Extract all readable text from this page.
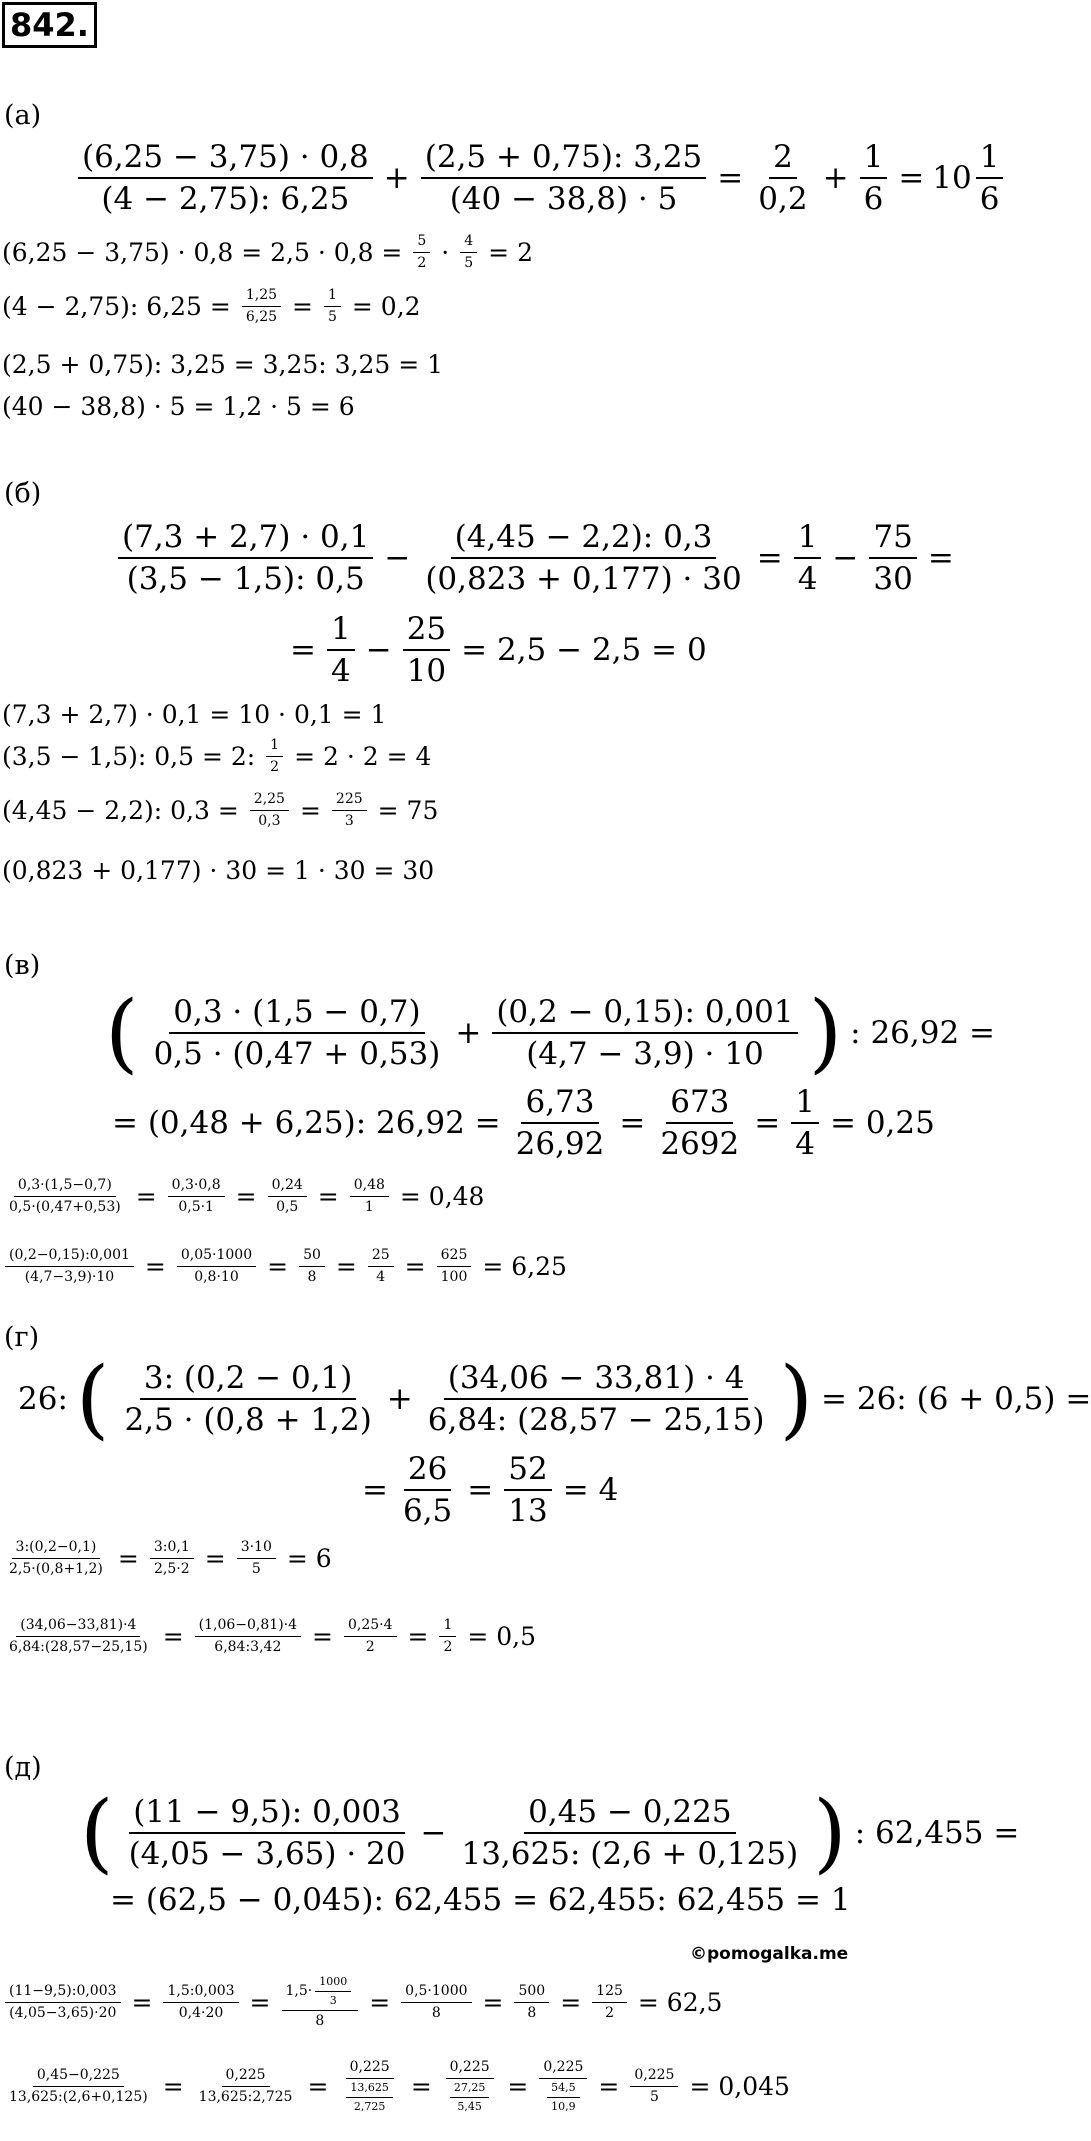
842.
(а)
$\frac{(6,25 - 3,75) \cdot 0,8}{(4 - 2,75): 6,25} + \frac{(2,5 + 0,75): 3,25}{(40 - 38,8) \cdot 5} = \frac{2}{0,2} + \frac{1}{6} = 10 \frac{1}{6}$
$(6,25 - 3,75) \cdot 0,8 = 2,5 \cdot 0,8 = \frac{5}{2} \cdot \frac{4}{5} = 2$
(4 − 2,75): $6,25 = \frac{1,25}{6,25} = \frac{1}{5} = 0,2$
(2,5 + 0,75): 3,25 = 3,25: 3,25 = 1
(40 − 38,8) · 5 = 1,2 · 5 = 6
(б)
$\frac{(7,3 + 2,7) \cdot 0,1}{(3,5 - 1,5): 0,5} - \frac{(4,45 - 2,2): 0,3}{(0,823 + 0,177) \cdot 30} = \frac{1}{4} - \frac{75}{30}$ =
= $\frac{1}{4} - \frac{25}{10} = 2,5 - 2,5 = 0$
(7,3 + 2,7) · 0,1 = 10 · 0,1 = 1
(3,5 − 1,5): 0,5 = 2: $\frac{1}{2} = 2 \cdot 2 = 4$
(4,45 − 2,2): $0,3 = \frac{2,25}{0,3} = \frac{225}{3} = 75$
(0,823 + 0,177) · 30 = 1 · 30 = 30
(в)
( $\frac{0,3 \cdot (1,5 - 0,7)}{0,5 \cdot (0,47 + 0,53)} + \frac{(0,2 - 0,15): 0,001}{(4,7 - 3,9) \cdot 10}$ ) : 26,92 =
= (0,48 + 6,25): $26,92 = \frac{6,73}{26,92} = \frac{673}{2692} = \frac{1}{4} = 0,25$
$\frac{0,3\cdot(1,5-0,7)}{0,5\cdot(0,47+0,53)} = \frac{0,3\cdot 0,8}{0,5\cdot 1} = \frac{0,24}{0,5} = \frac{0,48}{1} = 0,48$
$\frac{(0,2-0,15):0,001}{(4,7-3,9)\cdot 10} = \frac{0,05\cdot 1000}{0,8\cdot 10} = \frac{50}{8} = \frac{25}{4} = \frac{625}{100} = 6,25$
(г)
26: ( $\frac{3: (0,2 - 0,1)}{2,5 \cdot (0,8 + 1,2)} + \frac{(34,06 - 33,81) \cdot 4}{6,84: (28,57 - 25,15)}$ ) = 26: (6 + 0,5) =
= $\frac{26}{6,5} = \frac{52}{13} = 4$
$\frac{3:(0,2-0,1)}{2,5\cdot(0,8+1,2)} = \frac{3:0,1}{2,5\cdot 2} = \frac{3\cdot 10}{5} = 6$
$\frac{(34,06-33,81)\cdot 4}{6,84:(28,57-25,15)} = \frac{(1,06-0,81)\cdot 4}{6,84:3,42} = \frac{0,25\cdot 4}{2} = \frac{1}{2} = 0,5$
(д)
( $\frac{(11 - 9,5): 0,003}{(4,05 - 3,65) \cdot 20} - \frac{0,45 - 0,225}{13,625: (2,6 + 0,125)}$ ) : 62,455 =
= (62,5 − 0,045): 62,455 = 62,455: 62,455 = 1
©pomogalka.me
$\frac{(11-9,5):0,003}{(4,05-3,65)\cdot 20} = \frac{1,5:0,003}{0,4\cdot 20} = \frac{1,5\cdot \frac{1000}{3}}{8} = \frac{0,5\cdot 1000}{8} = \frac{500}{8} = \frac{125}{2} = 62,5$
$\frac{0,45-0,225}{13,625:(2,6+0,125)} = \frac{0,225}{13,625:2,725} = \frac{0,225}{\frac{13,625}{2,725}} = \frac{0,225}{\frac{27,25}{5,45}} = \frac{0,225}{\frac{54,5}{10,9}} = \frac{0,225}{5} = 0,045$
